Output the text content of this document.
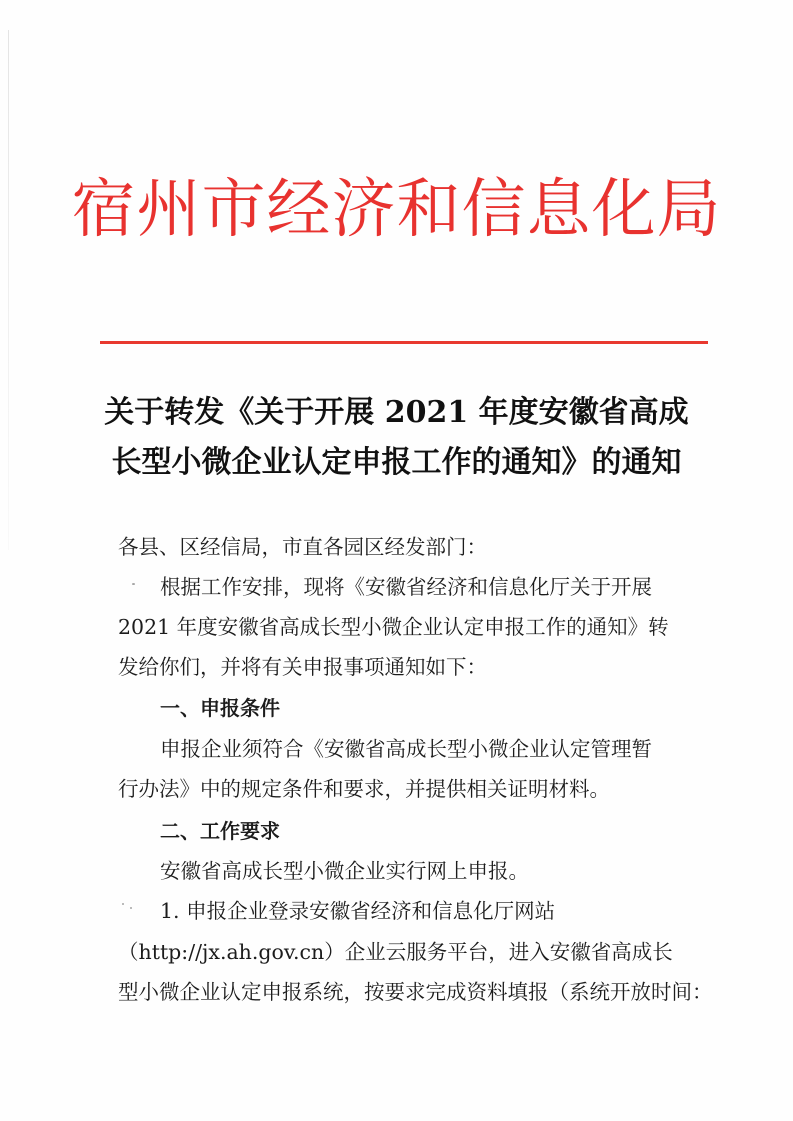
宿州市经济和信息化局
关于转发《关于开展 2021 年度安徽省高成
长型小微企业认定申报工作的通知》的通知
各县、区经信局，市直各园区经发部门：
根据工作安排，现将《安徽省经济和信息化厅关于开展
2021 年度安徽省高成长型小微企业认定申报工作的通知》转
发给你们，并将有关申报事项通知如下：
一、申报条件
申报企业须符合《安徽省高成长型小微企业认定管理暂
行办法》中的规定条件和要求，并提供相关证明材料。
二、工作要求
安徽省高成长型小微企业实行网上申报。
1. 申报企业登录安徽省经济和信息化厅网站
（http://jx.ah.gov.cn）企业云服务平台，进入安徽省高成长
型小微企业认定申报系统，按要求完成资料填报（系统开放时间：
